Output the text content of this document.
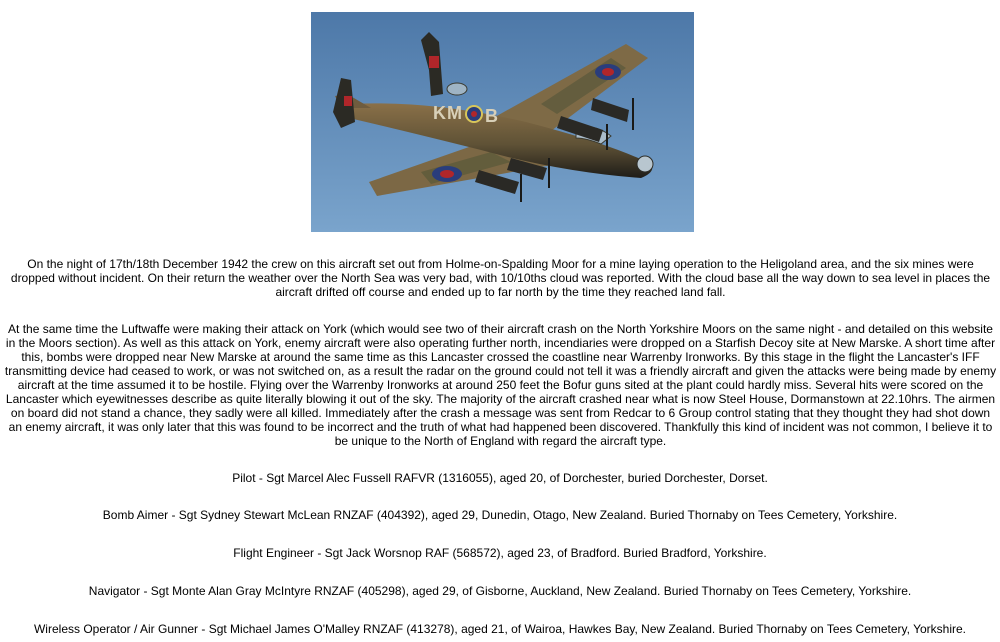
K M B

On the night of 17th/18th December 1942 the crew on this aircraft set out from Holme-on-Spalding Moor for a mine laying operation to the Heligoland area, and the six mines were dropped without incident. On their return the weather over the North Sea was very bad, with 10/10ths cloud was reported. With the cloud base all the way down to sea level in places the aircraft drifted off course and ended up to far north by the time they reached land fall.

At the same time the Luftwaffe were making their attack on York (which would see two of their aircraft crash on the North Yorkshire Moors on the same night - and detailed on this website in the Moors section). As well as this attack on York, enemy aircraft were also operating further north, incendiaries were dropped on a Starfish Decoy site at New Marske. A short time after this, bombs were dropped near New Marske at around the same time as this Lancaster crossed the coastline near Warrenby Ironworks. By this stage in the flight the Lancaster's IFF transmitting device had ceased to work, or was not switched on, as a result the radar on the ground could not tell it was a friendly aircraft and given the attacks were being made by enemy aircraft at the time assumed it to be hostile. Flying over the Warrenby Ironworks at around 250 feet the Bofur guns sited at the plant could hardly miss. Several hits were scored on the Lancaster which eyewitnesses describe as quite literally blowing it out of the sky. The majority of the aircraft crashed near what is now Steel House, Dormanstown at 22.10hrs. The airmen on board did not stand a chance, they sadly were all killed. Immediately after the crash a message was sent from Redcar to 6 Group control stating that they thought they had shot down an enemy aircraft, it was only later that this was found to be incorrect and the truth of what had happened been discovered. Thankfully this kind of incident was not common, I believe it to be unique to the North of England with regard the aircraft type.

Pilot - Sgt Marcel Alec Fussell RAFVR (1316055), aged 20, of Dorchester, buried Dorchester, Dorset.

Bomb Aimer - Sgt Sydney Stewart McLean RNZAF (404392), aged 29, Dunedin, Otago, New Zealand. Buried Thornaby on Tees Cemetery, Yorkshire.

Flight Engineer - Sgt Jack Worsnop RAF (568572), aged 23, of Bradford. Buried Bradford, Yorkshire.

Navigator - Sgt Monte Alan Gray McIntyre RNZAF (405298), aged 29, of Gisborne, Auckland, New Zealand. Buried Thornaby on Tees Cemetery, Yorkshire.

Wireless Operator / Air Gunner - Sgt Michael James O'Malley RNZAF (413278), aged 21, of Wairoa, Hawkes Bay, New Zealand. Buried Thornaby on Tees Cemetery, Yorkshire.
